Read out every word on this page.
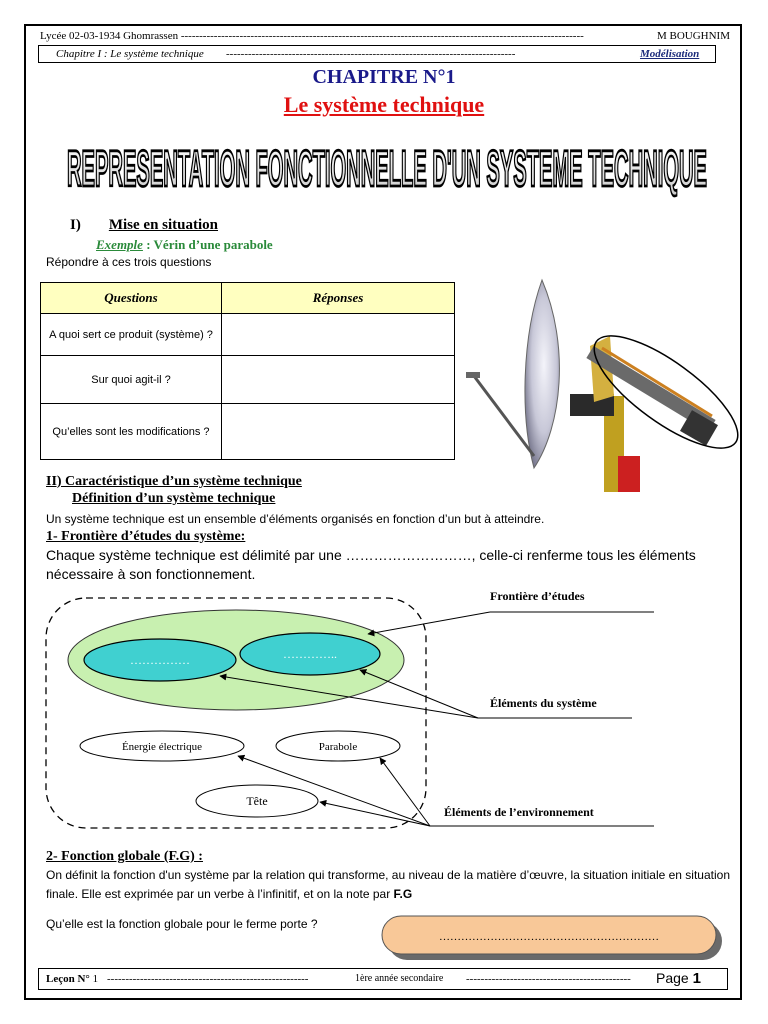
Lycée 02-03-1934 Ghomrassen --------------------------------------------------------------------------------------------------------------	M BOUGHNIM
Chapitre I : Le système technique -------------------------------------------------------------------------------	Modélisation
CHAPITRE N°1
Le système technique
REPRESENTATION FONCTIONNELLE D'UN SYSTEME TECHNIQUE
I) Mise en situation
Exemple : Vérin d’une parabole
Répondre à ces trois questions
Questions	Réponses
A quoi sert ce produit (système) ?	
Sur quoi agit-il ?	
Qu’elles sont les modifications ?	
II) Caractéristique d’un système technique
Définition d’un système technique
Un système technique est un ensemble d’éléments organisés en fonction d’un but à atteindre.
1- Frontière d’études du système:
Chaque système technique est délimité par une ………………………, celle-ci renferme tous les éléments nécessaire à son fonctionnement.
……………	…………..
Énergie électrique	Parabole
Tête
Frontière d’études
Éléments du système
Éléments de l’environnement
2- Fonction globale (F.G) :
On définit la fonction d'un système par la relation qui transforme, au niveau de la matière d’œuvre, la situation initiale en situation finale. Elle est exprimée par un verbe à l’infinitif, et on la note par F.G
Qu’elle est la fonction globale pour le ferme porte ?
……………………………………………………
Leçon N° 1 -------------------------------------------------------	1ère année secondaire --------------------------------------------- Page 1
